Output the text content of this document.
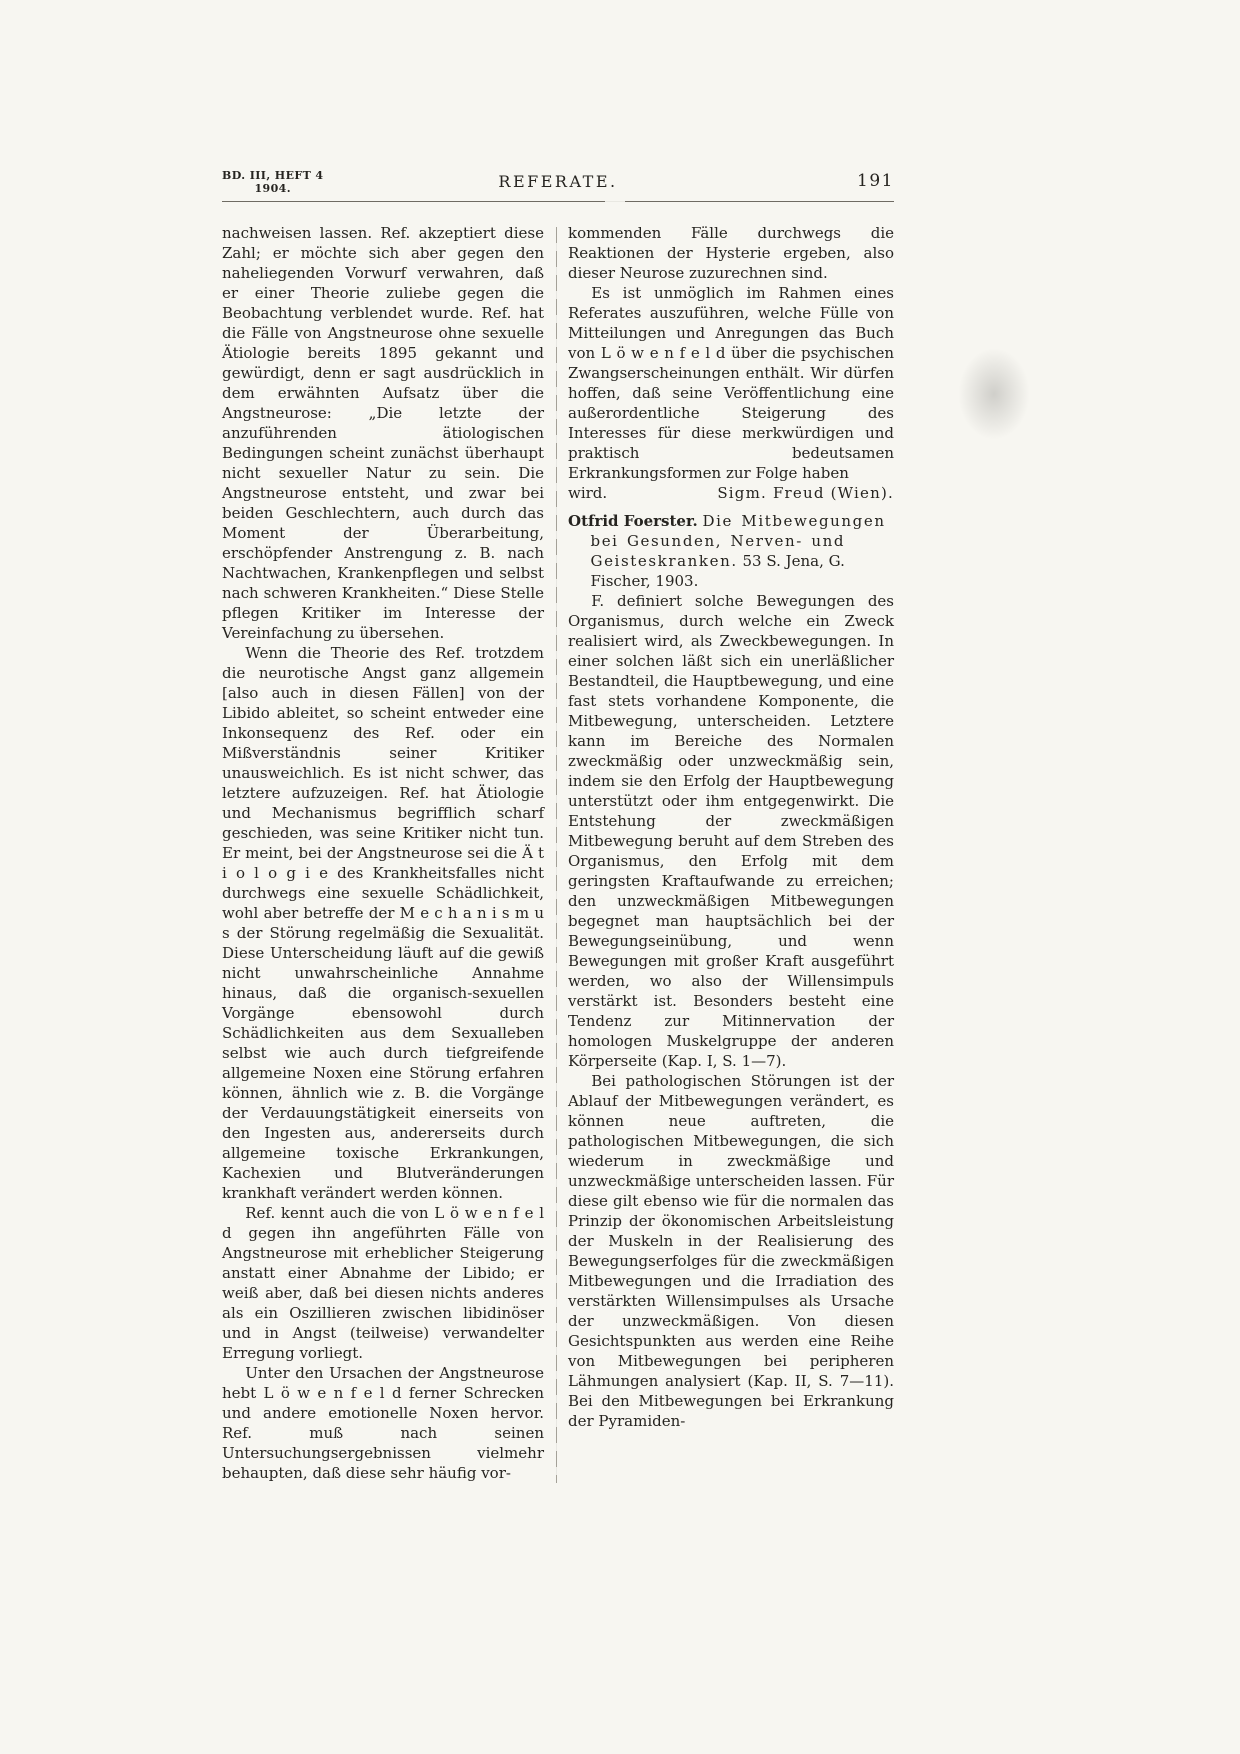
BD. III, HEFT 4
1904.	REFERATE.	191

nachweisen lassen. Ref. akzeptiert diese Zahl; er möchte sich aber gegen den naheliegenden Vorwurf verwahren, daß er einer Theorie zuliebe gegen die Beobachtung verblendet wurde. Ref. hat die Fälle von Angstneurose ohne sexuelle Ätiologie bereits 1895 gekannt und gewürdigt, denn er sagt ausdrücklich in dem erwähnten Aufsatz über die Angstneurose: „Die letzte der anzuführenden ätiologischen Bedingungen scheint zunächst überhaupt nicht sexueller Natur zu sein. Die Angstneurose entsteht, und zwar bei beiden Geschlechtern, auch durch das Moment der Überarbeitung, erschöpfender Anstrengung z. B. nach Nachtwachen, Krankenpflegen und selbst nach schweren Krankheiten.“ Diese Stelle pflegen Kritiker im Interesse der Vereinfachung zu übersehen.

Wenn die Theorie des Ref. trotzdem die neurotische Angst ganz allgemein [also auch in diesen Fällen] von der Libido ableitet, so scheint entweder eine Inkonsequenz des Ref. oder ein Mißverständnis seiner Kritiker unausweichlich. Es ist nicht schwer, das letztere aufzuzeigen. Ref. hat Ätiologie und Mechanismus begrifflich scharf geschieden, was seine Kritiker nicht tun. Er meint, bei der Angstneurose sei die Ä t i o l o g i e des Krankheitsfalles nicht durchwegs eine sexuelle Schädlichkeit, wohl aber betreffe der M e c h a n i s m u s der Störung regelmäßig die Sexualität. Diese Unterscheidung läuft auf die gewiß nicht unwahrscheinliche Annahme hinaus, daß die organisch-sexuellen Vorgänge ebensowohl durch Schädlichkeiten aus dem Sexualleben selbst wie auch durch tiefgreifende allgemeine Noxen eine Störung erfahren können, ähnlich wie z. B. die Vorgänge der Verdauungstätigkeit einerseits von den Ingesten aus, andererseits durch allgemeine toxische Erkrankungen, Kachexien und Blutveränderungen krankhaft verändert werden können.

Ref. kennt auch die von L ö w e n f e l d gegen ihn angeführten Fälle von Angstneurose mit erheblicher Steigerung anstatt einer Abnahme der Libido; er weiß aber, daß bei diesen nichts anderes als ein Oszillieren zwischen libidinöser und in Angst (teilweise) verwandelter Erregung vorliegt.

Unter den Ursachen der Angstneurose hebt L ö w e n f e l d ferner Schrecken und andere emotionelle Noxen hervor. Ref. muß nach seinen Untersuchungsergebnissen vielmehr behaupten, daß diese sehr häufig vor-

kommenden Fälle durchwegs die Reaktionen der Hysterie ergeben, also dieser Neurose zuzurechnen sind.

Es ist unmöglich im Rahmen eines Referates auszuführen, welche Fülle von Mitteilungen und Anregungen das Buch von L ö w e n f e l d über die psychischen Zwangserscheinungen enthält. Wir dürfen hoffen, daß seine Veröffentlichung eine außerordentliche Steigerung des Interesses für diese merkwürdigen und praktisch bedeutsamen Erkrankungsformen zur Folge haben

wird.	Sigm. Freud (Wien).

Otfrid Foerster. Die Mitbewegungen bei Gesunden, Nerven- und Geisteskranken. 53 S. Jena, G. Fischer, 1903.

F. definiert solche Bewegungen des Organismus, durch welche ein Zweck realisiert wird, als Zweckbewegungen. In einer solchen läßt sich ein unerläßlicher Bestandteil, die Hauptbewegung, und eine fast stets vorhandene Komponente, die Mitbewegung, unterscheiden. Letztere kann im Bereiche des Normalen zweckmäßig oder unzweckmäßig sein, indem sie den Erfolg der Hauptbewegung unterstützt oder ihm entgegenwirkt. Die Entstehung der zweckmäßigen Mitbewegung beruht auf dem Streben des Organismus, den Erfolg mit dem geringsten Kraftaufwande zu erreichen; den unzweckmäßigen Mitbewegungen begegnet man hauptsächlich bei der Bewegungseinübung, und wenn Bewegungen mit großer Kraft ausgeführt werden, wo also der Willensimpuls verstärkt ist. Besonders besteht eine Tendenz zur Mitinnervation der homologen Muskelgruppe der anderen Körperseite (Kap. I, S. 1—7).

Bei pathologischen Störungen ist der Ablauf der Mitbewegungen verändert, es können neue auftreten, die pathologischen Mitbewegungen, die sich wiederum in zweckmäßige und unzweckmäßige unterscheiden lassen. Für diese gilt ebenso wie für die normalen das Prinzip der ökonomischen Arbeitsleistung der Muskeln in der Realisierung des Bewegungserfolges für die zweckmäßigen Mitbewegungen und die Irradiation des verstärkten Willensimpulses als Ursache der unzweckmäßigen. Von diesen Gesichtspunkten aus werden eine Reihe von Mitbewegungen bei peripheren Lähmungen analysiert (Kap. II, S. 7—11). Bei den Mitbewegungen bei Erkrankung der Pyramiden-
